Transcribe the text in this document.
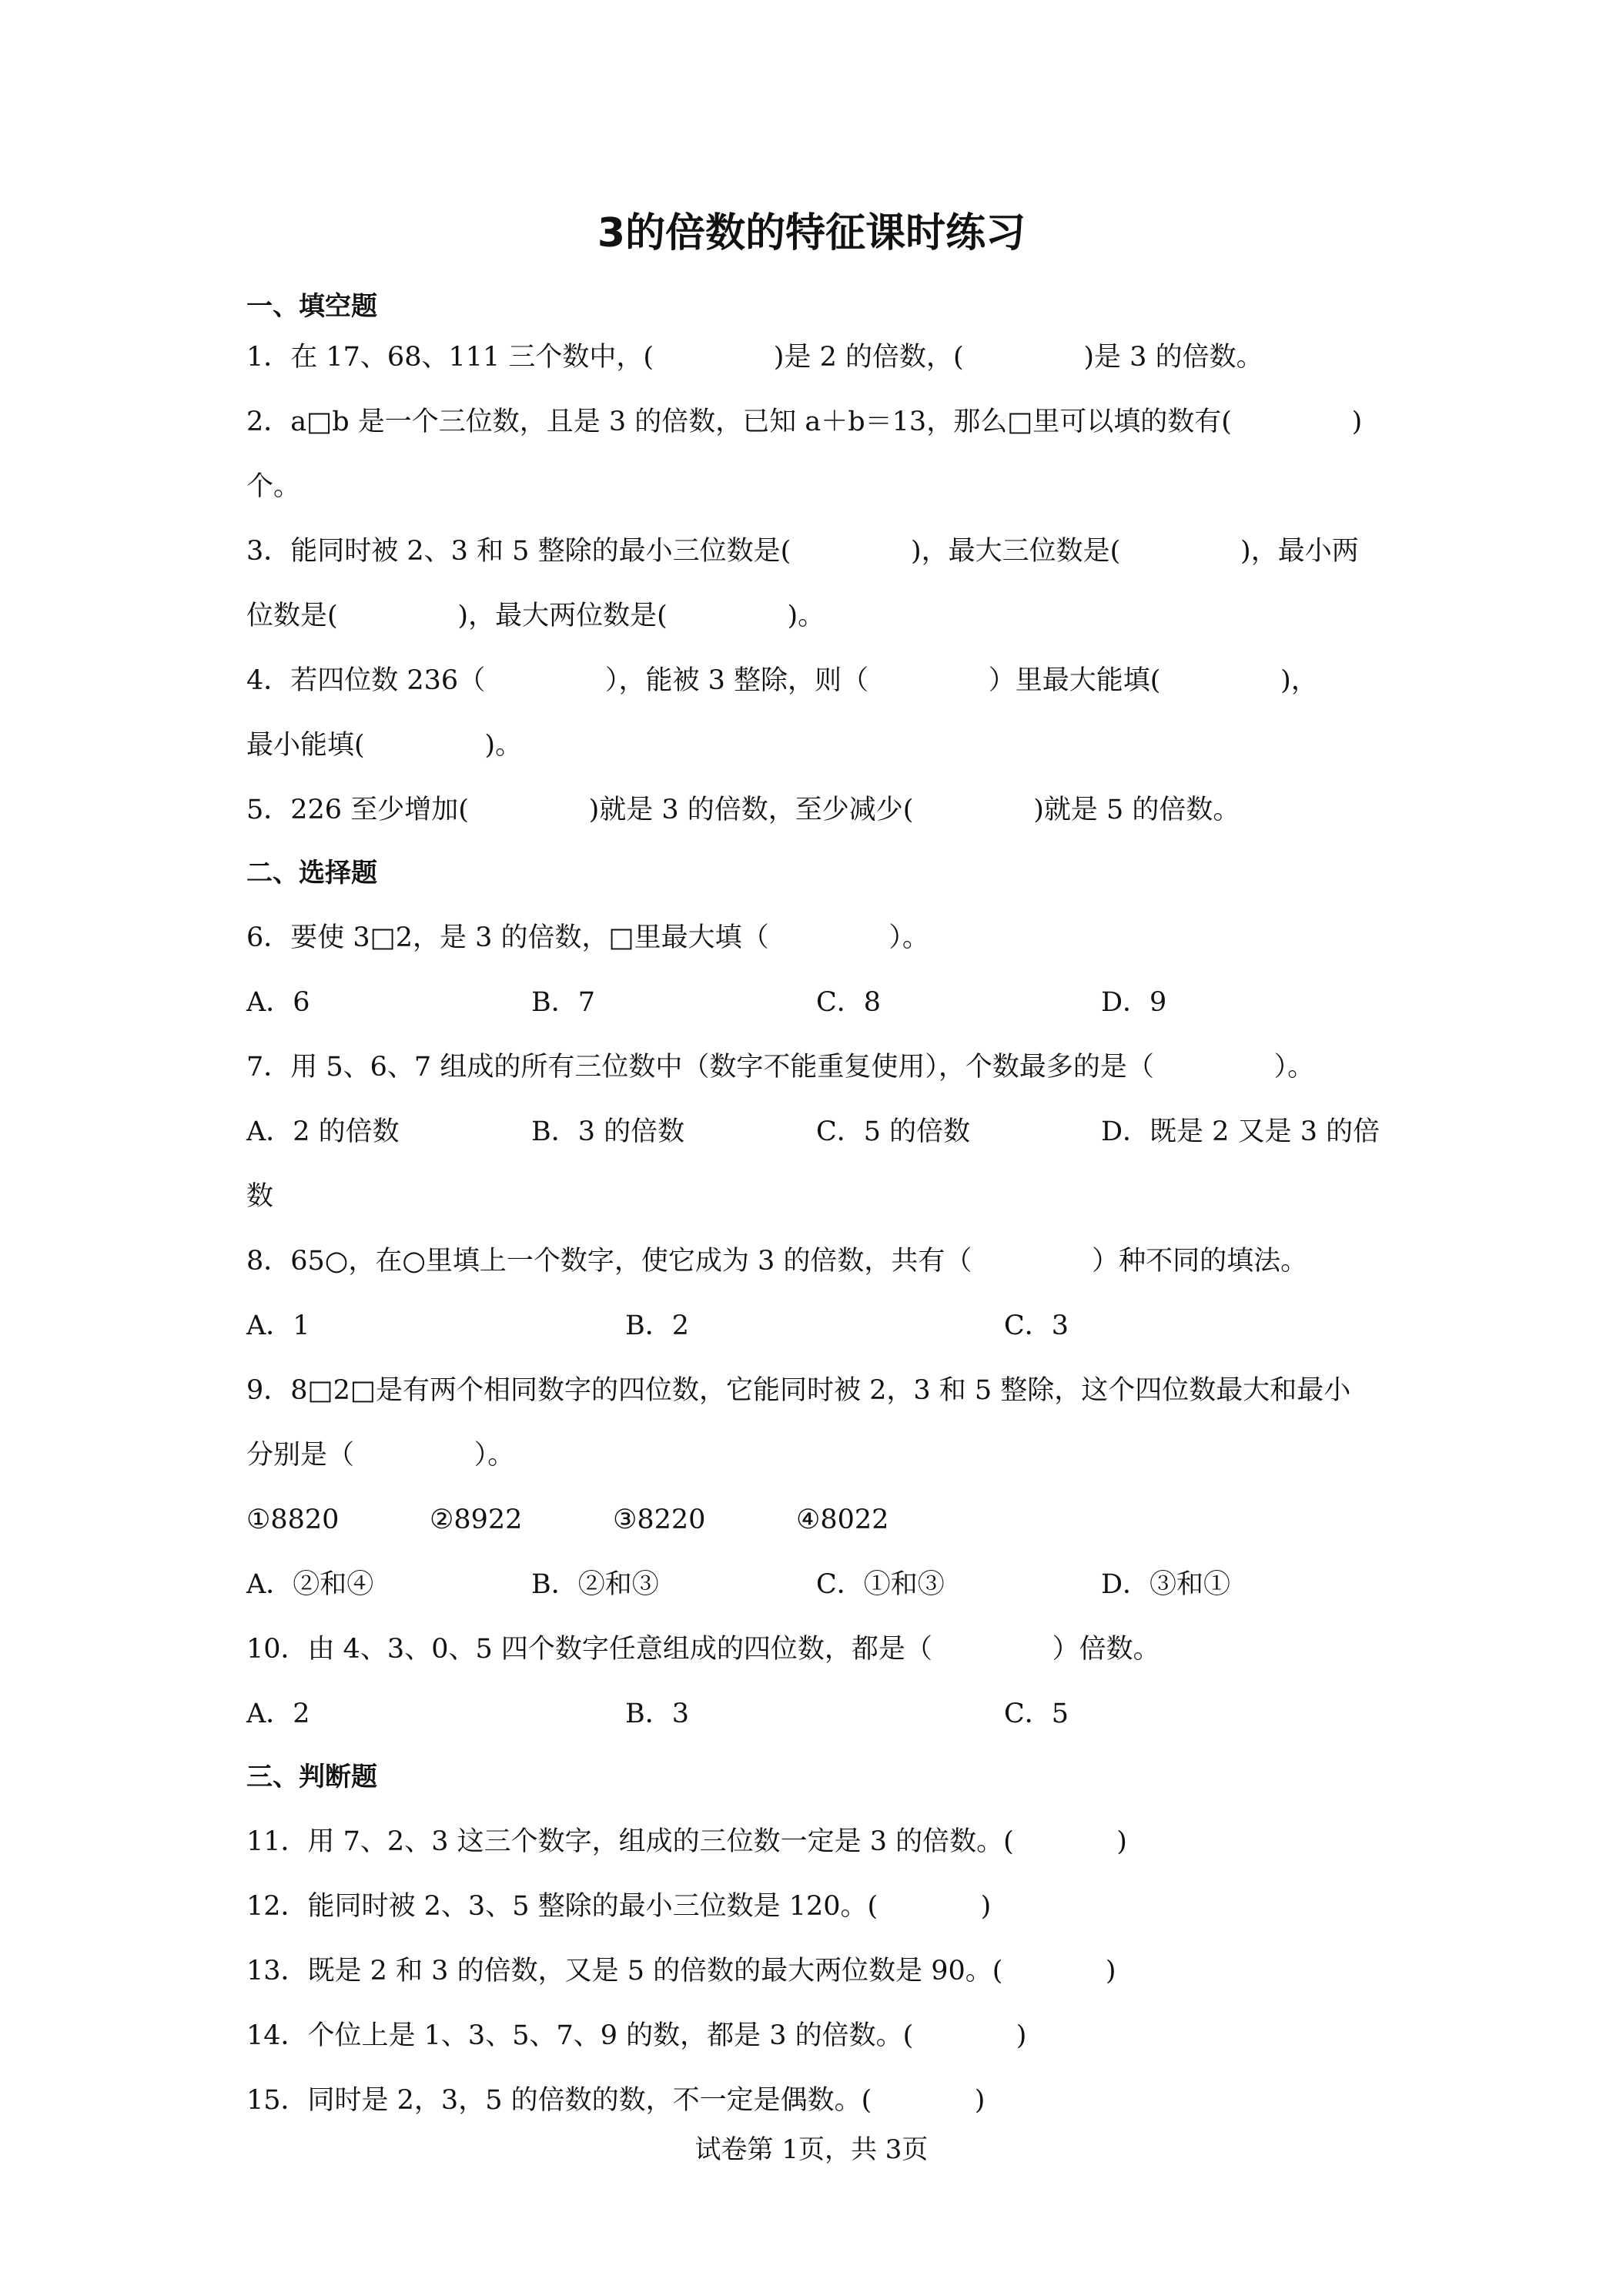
3的倍数的特征课时练习
一、填空题
1．在 17、68、111 三个数中，(              )是 2 的倍数，(              )是 3 的倍数。
2．a□b 是一个三位数，且是 3 的倍数，已知 a＋b＝13，那么□里可以填的数有(              )
个。
3．能同时被 2、3 和 5 整除的最小三位数是(              )，最大三位数是(              )，最小两
位数是(              )，最大两位数是(              )。
4．若四位数 236（              ），能被 3 整除，则（              ）里最大能填(              )，
最小能填(              )。
5．226 至少增加(              )就是 3 的倍数，至少减少(              )就是 5 的倍数。
二、选择题
6．要使 3□2，是 3 的倍数，□里最大填（              ）。
A．6	B．7	C．8	D．9
7．用 5、6、7 组成的所有三位数中（数字不能重复使用），个数最多的是（              ）。
A．2 的倍数	B．3 的倍数	C．5 的倍数	D．既是 2 又是 3 的倍
数
8．65○，在○里填上一个数字，使它成为 3 的倍数，共有（              ）种不同的填法。
A．1	B．2	C．3
9．8□2□是有两个相同数字的四位数，它能同时被 2，3 和 5 整除，这个四位数最大和最小
分别是（              ）。
①8820	②8922	③8220	④8022
A．②和④	B．②和③	C．①和③	D．③和①
10．由 4、3、0、5 四个数字任意组成的四位数，都是（              ）倍数。
A．2	B．3	C．5
三、判断题
11．用 7、2、3 这三个数字，组成的三位数一定是 3 的倍数。(            )
12．能同时被 2、3、5 整除的最小三位数是 120。(            )
13．既是 2 和 3 的倍数，又是 5 的倍数的最大两位数是 90。(            )
14．个位上是 1、3、5、7、9 的数，都是 3 的倍数。(            )
15．同时是 2，3，5 的倍数的数，不一定是偶数。(            )
试卷第 1页，共 3页
